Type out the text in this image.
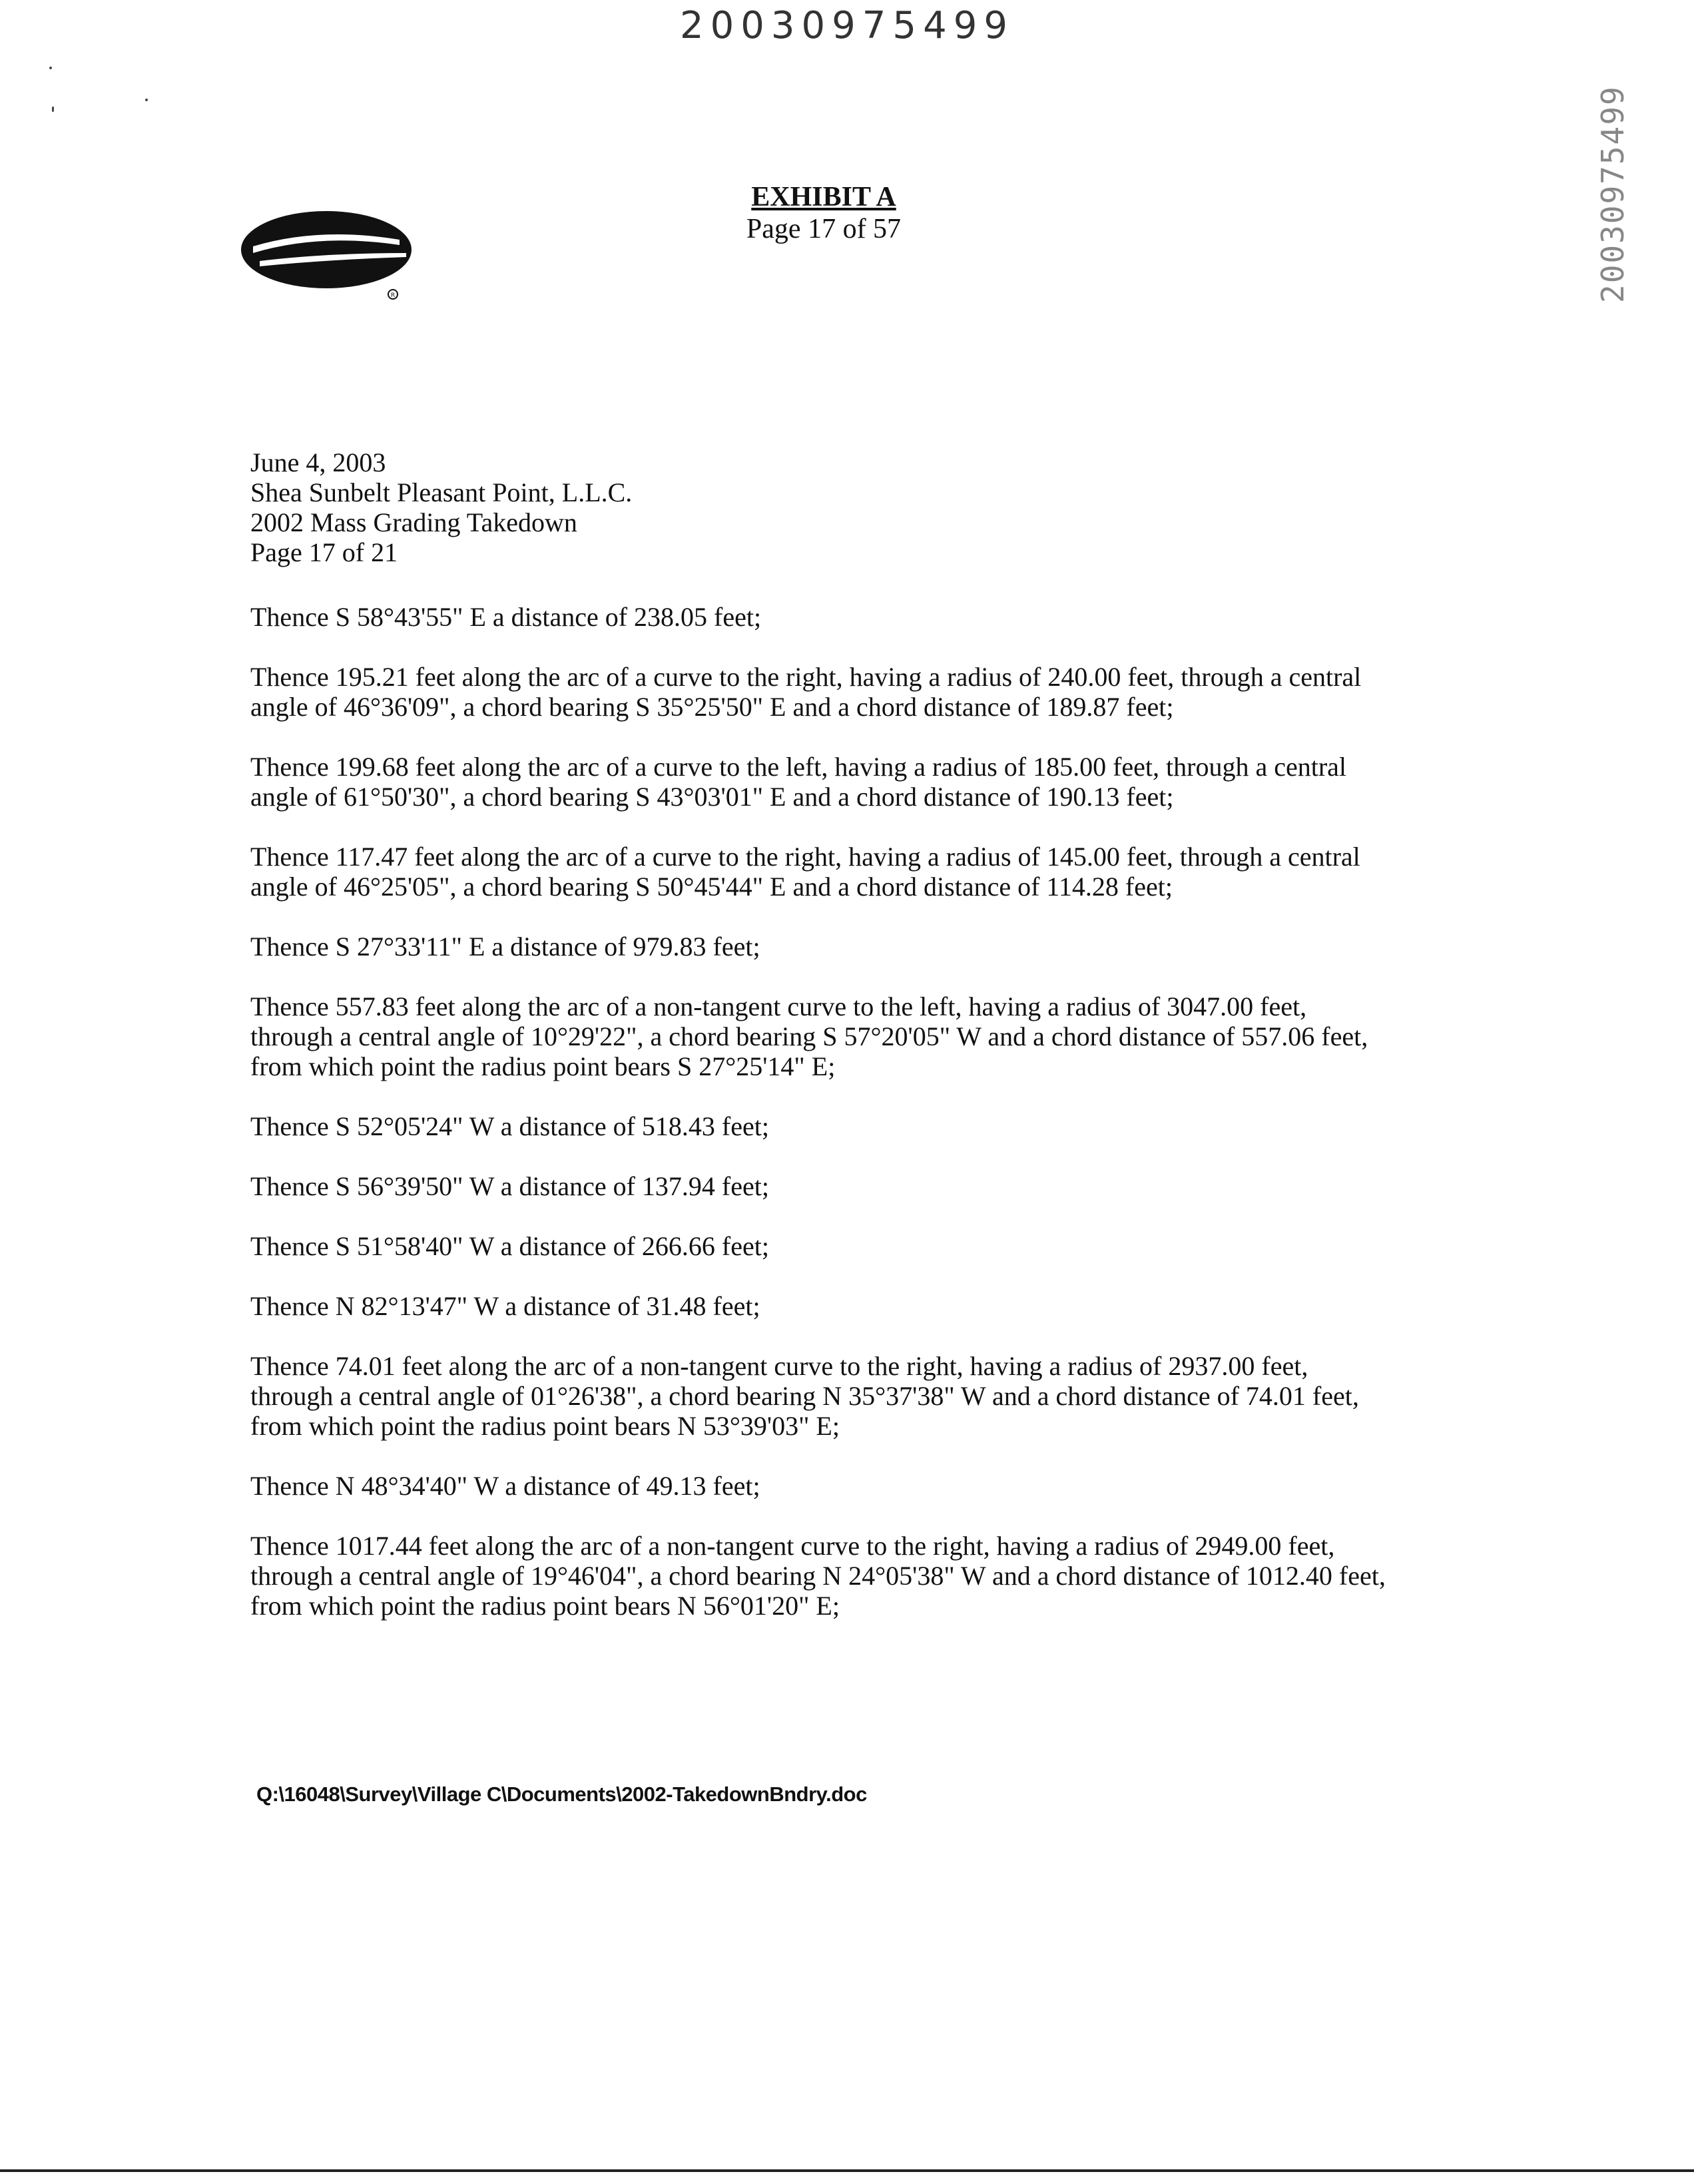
20030975499
20030975499
R
EXHIBIT A
Page 17 of 57

June 4, 2003

Shea Sunbelt Pleasant Point, L.L.C.

2002 Mass Grading Takedown

Page 17 of 21

Thence S 58°43'55" E a distance of 238.05 feet;

Thence 195.21 feet along the arc of a curve to the right, having a radius of 240.00 feet, through a central angle of 46°36'09", a chord bearing S 35°25'50" E and a chord distance of 189.87 feet;

Thence 199.68 feet along the arc of a curve to the left, having a radius of 185.00 feet, through a central angle of 61°50'30", a chord bearing S 43°03'01" E and a chord distance of 190.13 feet;

Thence 117.47 feet along the arc of a curve to the right, having a radius of 145.00 feet, through a central angle of 46°25'05", a chord bearing S 50°45'44" E and a chord distance of 114.28 feet;

Thence S 27°33'11" E a distance of 979.83 feet;

Thence 557.83 feet along the arc of a non-tangent curve to the left, having a radius of 3047.00 feet, through a central angle of 10°29'22", a chord bearing S 57°20'05" W and a chord distance of 557.06 feet, from which point the radius point bears S 27°25'14" E;

Thence S 52°05'24" W a distance of 518.43 feet;

Thence S 56°39'50" W a distance of 137.94 feet;

Thence S 51°58'40" W a distance of 266.66 feet;

Thence N 82°13'47" W a distance of 31.48 feet;

Thence 74.01 feet along the arc of a non-tangent curve to the right, having a radius of 2937.00 feet, through a central angle of 01°26'38", a chord bearing N 35°37'38" W and a chord distance of 74.01 feet, from which point the radius point bears N 53°39'03" E;

Thence N 48°34'40" W a distance of 49.13 feet;

Thence 1017.44 feet along the arc of a non-tangent curve to the right, having a radius of 2949.00 feet, through a central angle of 19°46'04", a chord bearing N 24°05'38" W and a chord distance of 1012.40 feet, from which point the radius point bears N 56°01'20" E;

Q:\16048\Survey\Village C\Documents\2002-TakedownBndry.doc
